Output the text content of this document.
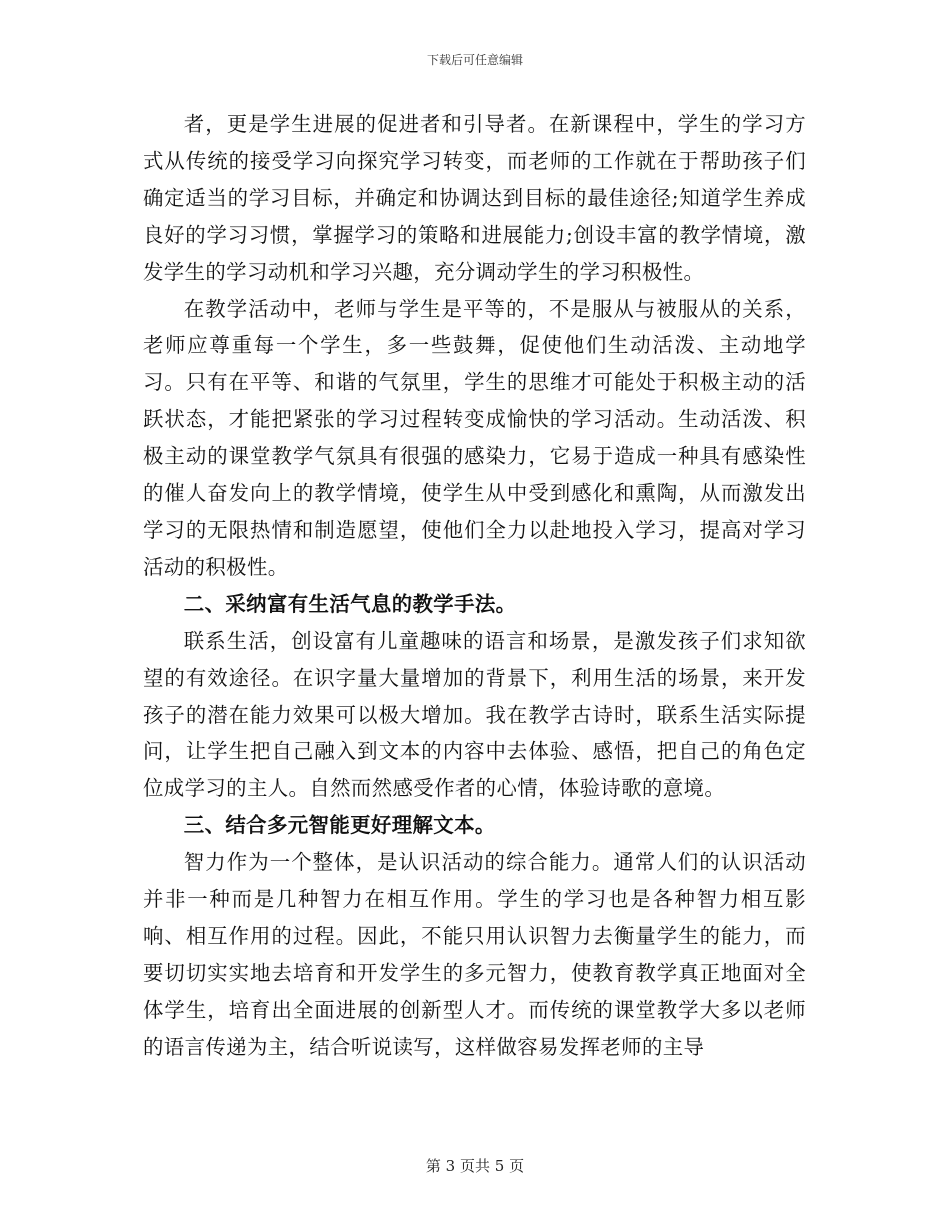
下载后可任意编辑

者，更是学生进展的促进者和引导者。在新课程中，学生的学习方式从传统的接受学习向探究学习转变，而老师的工作就在于帮助孩子们确定适当的学习目标，并确定和协调达到目标的最佳途径;知道学生养成良好的学习习惯，掌握学习的策略和进展能力;创设丰富的教学情境，激发学生的学习动机和学习兴趣，充分调动学生的学习积极性。

在教学活动中，老师与学生是平等的，不是服从与被服从的关系，老师应尊重每一个学生，多一些鼓舞，促使他们生动活泼、主动地学习。只有在平等、和谐的气氛里，学生的思维才可能处于积极主动的活跃状态，才能把紧张的学习过程转变成愉快的学习活动。生动活泼、积极主动的课堂教学气氛具有很强的感染力，它易于造成一种具有感染性的催人奋发向上的教学情境，使学生从中受到感化和熏陶，从而激发出学习的无限热情和制造愿望，使他们全力以赴地投入学习，提高对学习活动的积极性。

二、采纳富有生活气息的教学手法。

联系生活，创设富有儿童趣味的语言和场景，是激发孩子们求知欲望的有效途径。在识字量大量增加的背景下，利用生活的场景，来开发孩子的潜在能力效果可以极大增加。我在教学古诗时，联系生活实际提问，让学生把自己融入到文本的内容中去体验、感悟，把自己的角色定位成学习的主人。自然而然感受作者的心情，体验诗歌的意境。

三、结合多元智能更好理解文本。

智力作为一个整体，是认识活动的综合能力。通常人们的认识活动并非一种而是几种智力在相互作用。学生的学习也是各种智力相互影响、相互作用的过程。因此，不能只用认识智力去衡量学生的能力，而要切切实实地去培育和开发学生的多元智力，使教育教学真正地面对全体学生，培育出全面进展的创新型人才。而传统的课堂教学大多以老师的语言传递为主，结合听说读写，这样做容易发挥老师的主导

第 3 页共 5 页
